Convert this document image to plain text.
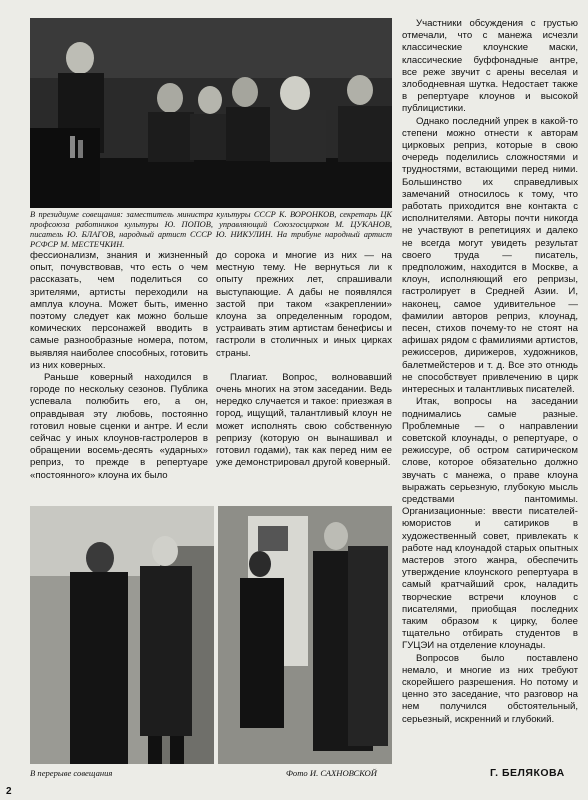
В президиуме совещания: заместитель министра культуры СССР К. ВОРОНКОВ, секретарь ЦК профсоюза работников культуры Ю. ПОПОВ, управляющий Союзгосцирком М. ЦУКАНОВ, писатель Ю. БЛАГОВ, народный артист СССР Ю. НИКУЛИН. На трибуне народный артист РСФСР М. МЕСТЕЧКИН.

Участники обсуждения с грустью отмечали, что с манежа исчезли классические клоунские маски, классические буффонадные антре, все реже звучит с арены веселая и злободневная шутка. Недостает также в репертуаре клоунов и высокой публицистики.

Однако последний упрек в какой-то степени можно отнести к авторам цирковых реприз, которые в свою очередь поделились сложностями и трудностями, встающими перед ними. Большинство их справедливых замечаний относилось к тому, что работать приходится вне контакта с исполнителями. Авторы почти никогда не участвуют в репетициях и далеко не всегда могут увидеть результат своего труда — писатель, предположим, находится в Москве, а клоун, исполняющий его репризы, гастролирует в Средней Азии. И, наконец, самое удивительное — фамилии авторов реприз, клоунад, песен, стихов почему-то не стоят на афишах рядом с фамилиями артистов, режиссеров, дирижеров, художников, балетмейстеров и т. д. Все это отнюдь не способствует привлечению в цирк интересных и талантливых писателей.

Итак, вопросы на заседании поднимались самые разные. Проблемные — о направлении советской клоунады, о репертуаре, о режиссуре, об остром сатирическом слове, которое обязательно должно звучать с манежа, о праве клоуна выражать серьезную, глубокую мысль средствами пантомимы. Организационные: ввести писателей-юмористов и сатириков в художественный совет, привлекать к работе над клоунадой старых опытных мастеров этого жанра, обеспечить утверждение клоунского репертуара в самый кратчайший срок, наладить творческие встречи клоунов с писателями, приобщая последних таким образом к цирку, более тщательно отбирать студентов в ГУЦЭИ на отделение клоунады.

Вопросов было поставлено немало, и многие из них требуют скорейшего разрешения. Но потому и ценно это заседание, что разговор на нем получился обстоятельный, серьезный, искренний и глубокий.

фессионализм, знания и жизненный опыт, почувствовав, что есть о чем рассказать, чем поделиться со зрителями, артисты переходили на амплуа клоуна. Может быть, именно поэтому следует как можно больше комических персонажей вводить в самые разнообразные номера, потом, выявляя наиболее способных, готовить из них коверных.

Раньше коверный находился в городе по нескольку сезонов. Публика успевала полюбить его, а он, оправдывая эту любовь, постоянно готовил новые сценки и антре. И если сейчас у иных клоунов-гастролеров в обращении восемь-десять «ударных» реприз, то прежде в репертуаре «постоянного» клоуна их было

до сорока и многие из них — на местную тему. Не вернуться ли к опыту прежних лет, спрашивали выступающие. А дабы не появлялся застой при таком «закреплении» клоуна за определенным городом, устраивать этим артистам бенефисы и гастроли в столичных и иных цирках страны.

Плагиат. Вопрос, волновавший очень многих на этом заседании. Ведь нередко случается и такое: приезжая в город, ищущий, талантливый клоун не может исполнять свою собственную репризу (которую он вынашивал и готовил годами), так как перед ним ее уже демонстрировал другой коверный.

В перерыве совещания	Фото И. САХНОВСКОЙ	Г. БЕЛЯКОВА
2
